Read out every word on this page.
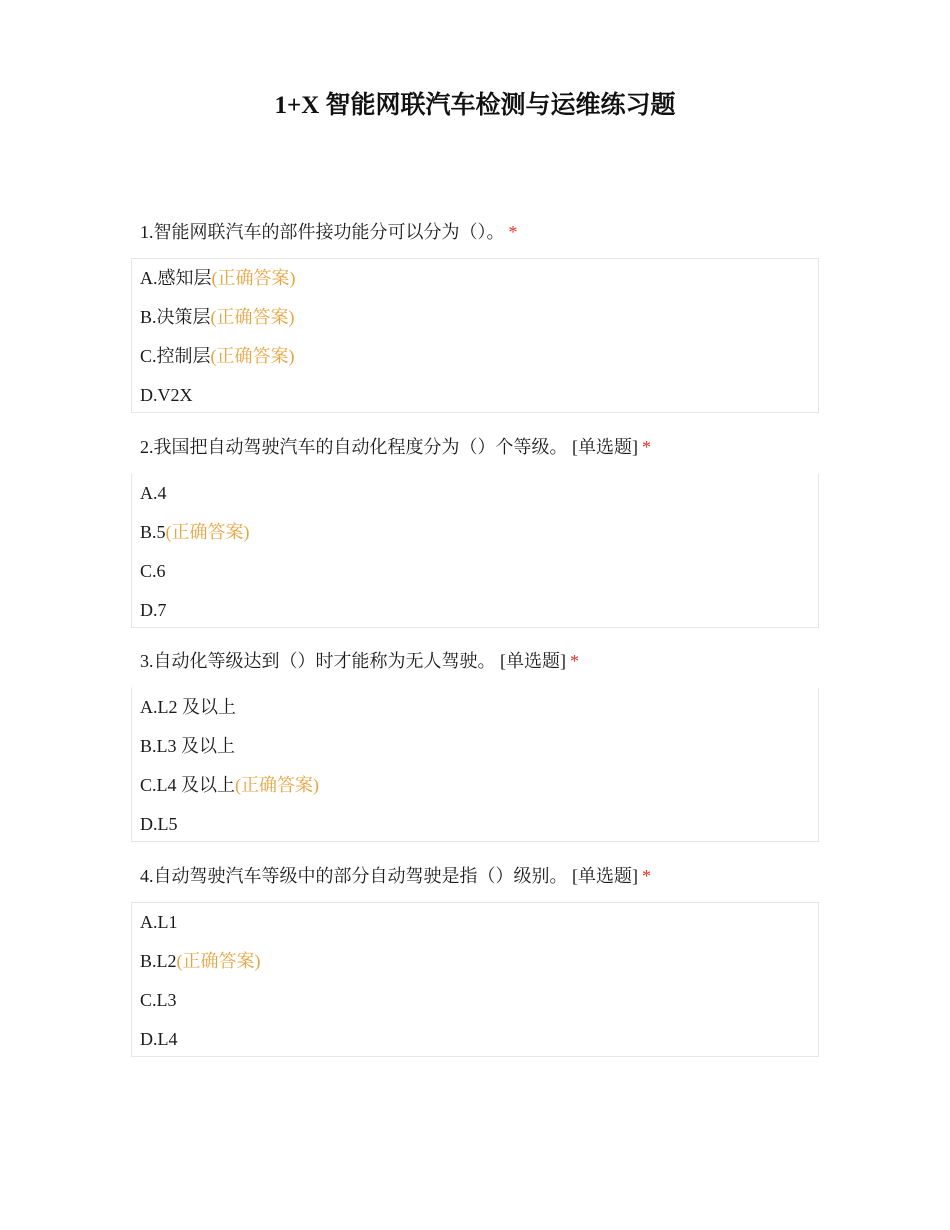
1+X 智能网联汽车检测与运维练习题
1.智能网联汽车的部件接功能分可以分为（）。 *
A.感知层(正确答案)
B.决策层(正确答案)
C.控制层(正确答案)
D.V2X
2.我国把自动驾驶汽车的自动化程度分为（）个等级。 [单选题] *
A.4
B.5(正确答案)
C.6
D.7
3.自动化等级达到（）时才能称为无人驾驶。 [单选题] *
A.L2 及以上
B.L3 及以上
C.L4 及以上(正确答案)
D.L5
4.自动驾驶汽车等级中的部分自动驾驶是指（）级别。 [单选题] *
A.L1
B.L2(正确答案)
C.L3
D.L4
